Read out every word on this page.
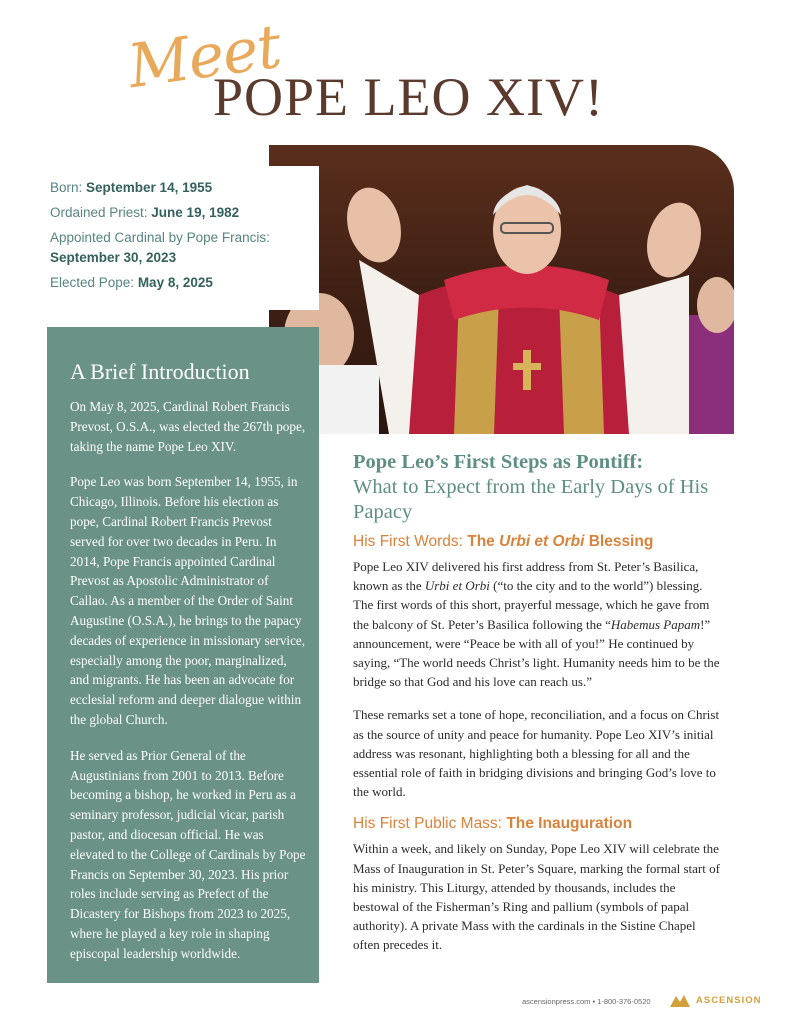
Meet
POPE LEO XIV!

Born: September 14, 1955

Ordained Priest: June 19, 1982

Appointed Cardinal by Pope Francis:
September 30, 2023

Elected Pope: May 8, 2025

A Brief Introduction

On May 8, 2025, Cardinal Robert Francis Prevost, O.S.A., was elected the 267th pope, taking the name Pope Leo XIV.

Pope Leo was born September 14, 1955, in Chicago, Illinois. Before his election as pope, Cardinal Robert Francis Prevost served for over two decades in Peru. In 2014, Pope Francis appointed Cardinal Prevost as Apostolic Administrator of Callao. As a member of the Order of Saint Augustine (O.S.A.), he brings to the papacy decades of experience in missionary service, especially among the poor, marginalized, and migrants. He has been an advocate for ecclesial reform and deeper dialogue within the global Church.

He served as Prior General of the Augustinians from 2001 to 2013. Before becoming a bishop, he worked in Peru as a seminary professor, judicial vicar, parish pastor, and diocesan official. He was elevated to the College of Cardinals by Pope Francis on September 30, 2023. His prior roles include serving as Prefect of the Dicastery for Bishops from 2023 to 2025, where he played a key role in shaping episcopal leadership worldwide.

Pope Leo’s First Steps as Pontiff:
What to Expect from the Early Days of His Papacy
His First Words: The Urbi et Orbi Blessing

Pope Leo XIV delivered his first address from St. Peter’s Basilica, known as the Urbi et Orbi (“to the city and to the world”) blessing. The first words of this short, prayerful message, which he gave from the balcony of St. Peter’s Basilica following the “Habemus Papam!” announcement, were “Peace be with all of you!” He continued by saying, “The world needs Christ’s light. Humanity needs him to be the bridge so that God and his love can reach us.”

These remarks set a tone of hope, reconciliation, and a focus on Christ as the source of unity and peace for humanity. Pope Leo XIV’s initial address was resonant, highlighting both a blessing for all and the essential role of faith in bridging divisions and bringing God’s love to the world.

His First Public Mass: The Inauguration

Within a week, and likely on Sunday, Pope Leo XIV will celebrate the Mass of Inauguration in St. Peter’s Square, marking the formal start of his ministry. This Liturgy, attended by thousands, includes the bestowal of the Fisherman’s Ring and pallium (symbols of papal authority). A private Mass with the cardinals in the Sistine Chapel often precedes it.

ascensionpress.com • 1-800-376-0520	ASCENSION
